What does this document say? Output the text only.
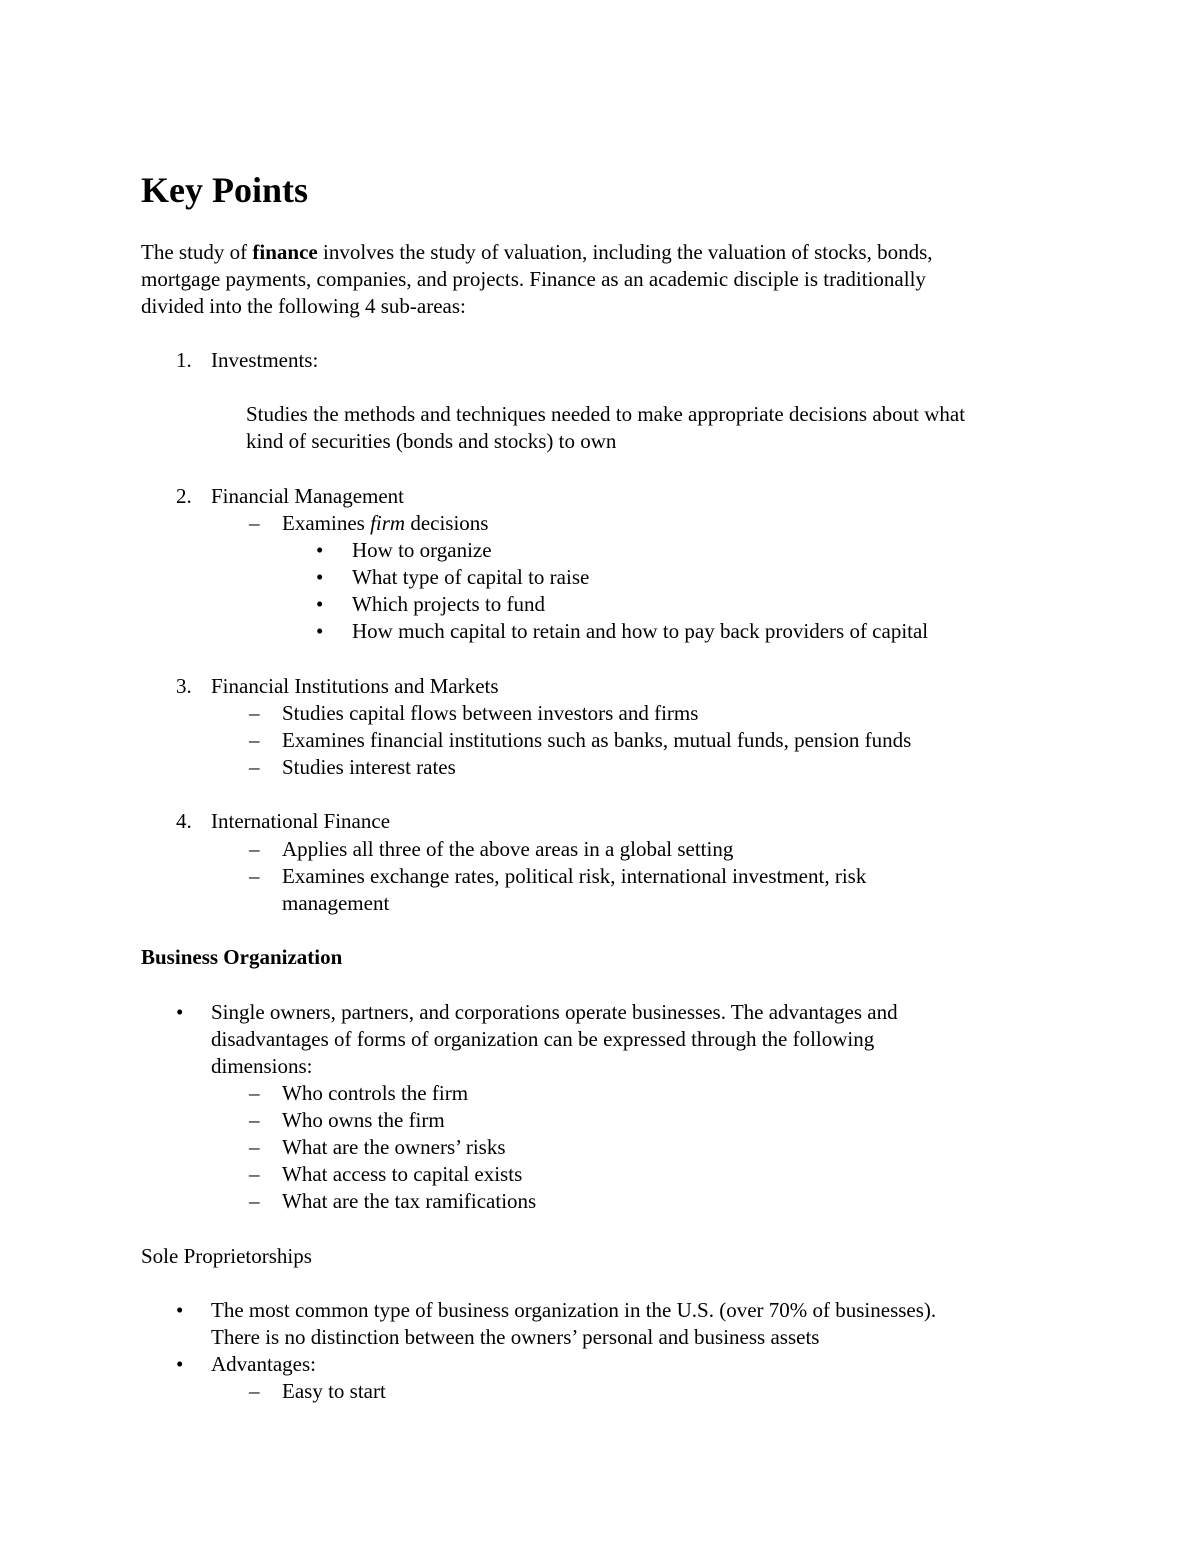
Key Points

The study of finance involves the study of valuation, including the valuation of stocks, bonds,

mortgage payments, companies, and projects. Finance as an academic disciple is traditionally

divided into the following 4 sub-areas:

1. Investments:

Studies the methods and techniques needed to make appropriate decisions about what

kind of securities (bonds and stocks) to own

2. Financial Management

– Examines firm decisions

• How to organize

• What type of capital to raise

• Which projects to fund

• How much capital to retain and how to pay back providers of capital

3. Financial Institutions and Markets

– Studies capital flows between investors and firms

– Examines financial institutions such as banks, mutual funds, pension funds

– Studies interest rates

4. International Finance

– Applies all three of the above areas in a global setting

– Examines exchange rates, political risk, international investment, risk

management

Business Organization

• Single owners, partners, and corporations operate businesses. The advantages and

disadvantages of forms of organization can be expressed through the following

dimensions:

– Who controls the firm

– Who owns the firm

– What are the owners’ risks

– What access to capital exists

– What are the tax ramifications

Sole Proprietorships

• The most common type of business organization in the U.S. (over 70% of businesses).

There is no distinction between the owners’ personal and business assets

• Advantages:

– Easy to start
